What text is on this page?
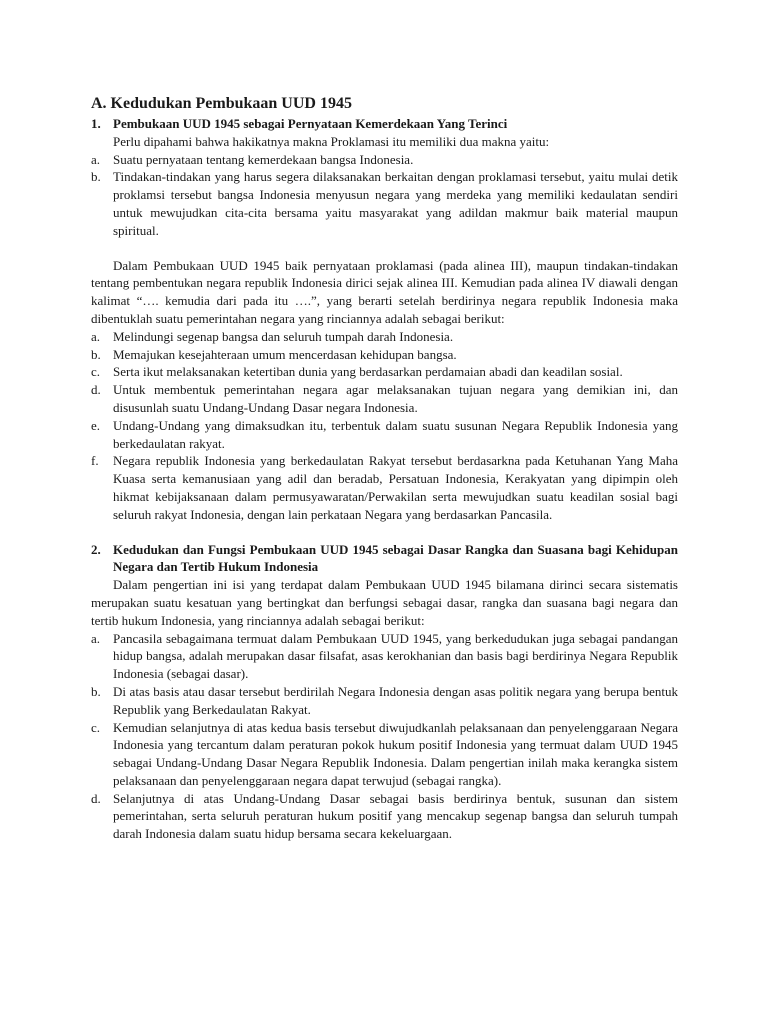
A. Kedudukan Pembukaan UUD 1945
1. Pembukaan UUD 1945 sebagai Pernyataan Kemerdekaan Yang Terinci

Perlu dipahami bahwa hakikatnya makna Proklamasi itu memiliki dua makna yaitu:

a. Suatu pernyataan tentang kemerdekaan bangsa Indonesia.
b. Tindakan-tindakan yang harus segera dilaksanakan berkaitan dengan proklamasi tersebut, yaitu mulai detik proklamsi tersebut bangsa Indonesia menyusun negara yang merdeka yang memiliki kedaulatan sendiri untuk mewujudkan cita-cita bersama yaitu masyarakat yang adildan makmur baik material maupun spiritual.

Dalam Pembukaan UUD 1945 baik pernyataan proklamasi (pada alinea III), maupun tindakan-tindakan tentang pembentukan negara republik Indonesia dirici sejak alinea III. Kemudian pada alinea IV diawali dengan kalimat “…. kemudia dari pada itu ….”, yang berarti setelah berdirinya negara republik Indonesia maka dibentuklah suatu pemerintahan negara yang rinciannya adalah sebagai berikut:

a. Melindungi segenap bangsa dan seluruh tumpah darah Indonesia.
b. Memajukan kesejahteraan umum mencerdasan kehidupan bangsa.
c. Serta ikut melaksanakan ketertiban dunia yang berdasarkan perdamaian abadi dan keadilan sosial.
d. Untuk membentuk pemerintahan negara agar melaksanakan tujuan negara yang demikian ini, dan disusunlah suatu Undang-Undang Dasar negara Indonesia.
e. Undang-Undang yang dimaksudkan itu, terbentuk dalam suatu susunan Negara Republik Indonesia yang berkedaulatan rakyat.
f.	Negara republik Indonesia yang berkedaulatan Rakyat tersebut berdasarkna pada Ketuhanan Yang Maha Kuasa serta kemanusiaan yang adil dan beradab, Persatuan Indonesia, Kerakyatan yang dipimpin oleh hikmat kebijaksanaan dalam permusyawaratan/Perwakilan serta mewujudkan suatu keadilan sosial bagi seluruh rakyat Indonesia, dengan lain perkataan Negara yang berdasarkan Pancasila.
2. Kedudukan dan Fungsi Pembukaan UUD 1945 sebagai Dasar Rangka dan Suasana bagi Kehidupan Negara dan Tertib Hukum Indonesia

Dalam pengertian ini isi yang terdapat dalam Pembukaan UUD 1945 bilamana dirinci secara sistematis merupakan suatu kesatuan yang bertingkat dan berfungsi sebagai dasar, rangka dan suasana bagi negara dan tertib hukum Indonesia, yang rinciannya adalah sebagai berikut:

a. Pancasila sebagaimana termuat dalam Pembukaan UUD 1945, yang berkedudukan juga sebagai pandangan hidup bangsa, adalah merupakan dasar filsafat, asas kerokhanian dan basis bagi berdirinya Negara Republik Indonesia (sebagai dasar).
b. Di atas basis atau dasar tersebut berdirilah Negara Indonesia dengan asas politik negara yang berupa bentuk Republik yang Berkedaulatan Rakyat.
c. Kemudian selanjutnya di atas kedua basis tersebut diwujudkanlah pelaksanaan dan penyelenggaraan Negara Indonesia yang tercantum dalam peraturan pokok hukum positif Indonesia yang termuat dalam UUD 1945 sebagai Undang-Undang Dasar Negara Republik Indonesia. Dalam pengertian inilah maka kerangka sistem pelaksanaan dan penyelenggaraan negara dapat terwujud (sebagai rangka).
d. Selanjutnya di atas Undang-Undang Dasar sebagai basis berdirinya bentuk, susunan dan sistem pemerintahan, serta seluruh peraturan hukum positif yang mencakup segenap bangsa dan seluruh tumpah darah Indonesia dalam suatu hidup bersama secara kekeluargaan.
